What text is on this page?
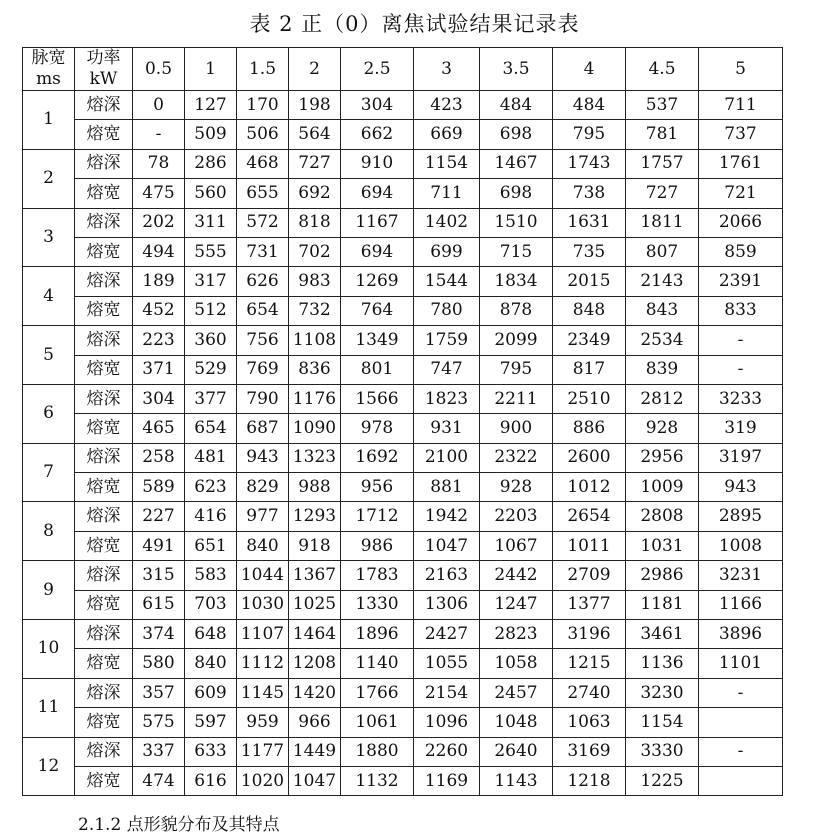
表 2 正（0）离焦试验结果记录表
脉宽
ms	功率
kW	0.5	1	1.5	2	2.5	3	3.5	4	4.5	5
1	熔深	0	127	170	198	304	423	484	484	537	711
	熔宽	-	509	506	564	662	669	698	795	781	737
2	熔深	78	286	468	727	910	1154	1467	1743	1757	1761
	熔宽	475	560	655	692	694	711	698	738	727	721
3	熔深	202	311	572	818	1167	1402	1510	1631	1811	2066
	熔宽	494	555	731	702	694	699	715	735	807	859
4	熔深	189	317	626	983	1269	1544	1834	2015	2143	2391
	熔宽	452	512	654	732	764	780	878	848	843	833
5	熔深	223	360	756	1108	1349	1759	2099	2349	2534	-
	熔宽	371	529	769	836	801	747	795	817	839	-
6	熔深	304	377	790	1176	1566	1823	2211	2510	2812	3233
	熔宽	465	654	687	1090	978	931	900	886	928	319
7	熔深	258	481	943	1323	1692	2100	2322	2600	2956	3197
	熔宽	589	623	829	988	956	881	928	1012	1009	943
8	熔深	227	416	977	1293	1712	1942	2203	2654	2808	2895
	熔宽	491	651	840	918	986	1047	1067	1011	1031	1008
9	熔深	315	583	1044	1367	1783	2163	2442	2709	2986	3231
	熔宽	615	703	1030	1025	1330	1306	1247	1377	1181	1166
10	熔深	374	648	1107	1464	1896	2427	2823	3196	3461	3896
	熔宽	580	840	1112	1208	1140	1055	1058	1215	1136	1101
11	熔深	357	609	1145	1420	1766	2154	2457	2740	3230	-
	熔宽	575	597	959	966	1061	1096	1048	1063	1154	
12	熔深	337	633	1177	1449	1880	2260	2640	3169	3330	-
	熔宽	474	616	1020	1047	1132	1169	1143	1218	1225	
2.1.2 点形貌分布及其特点
